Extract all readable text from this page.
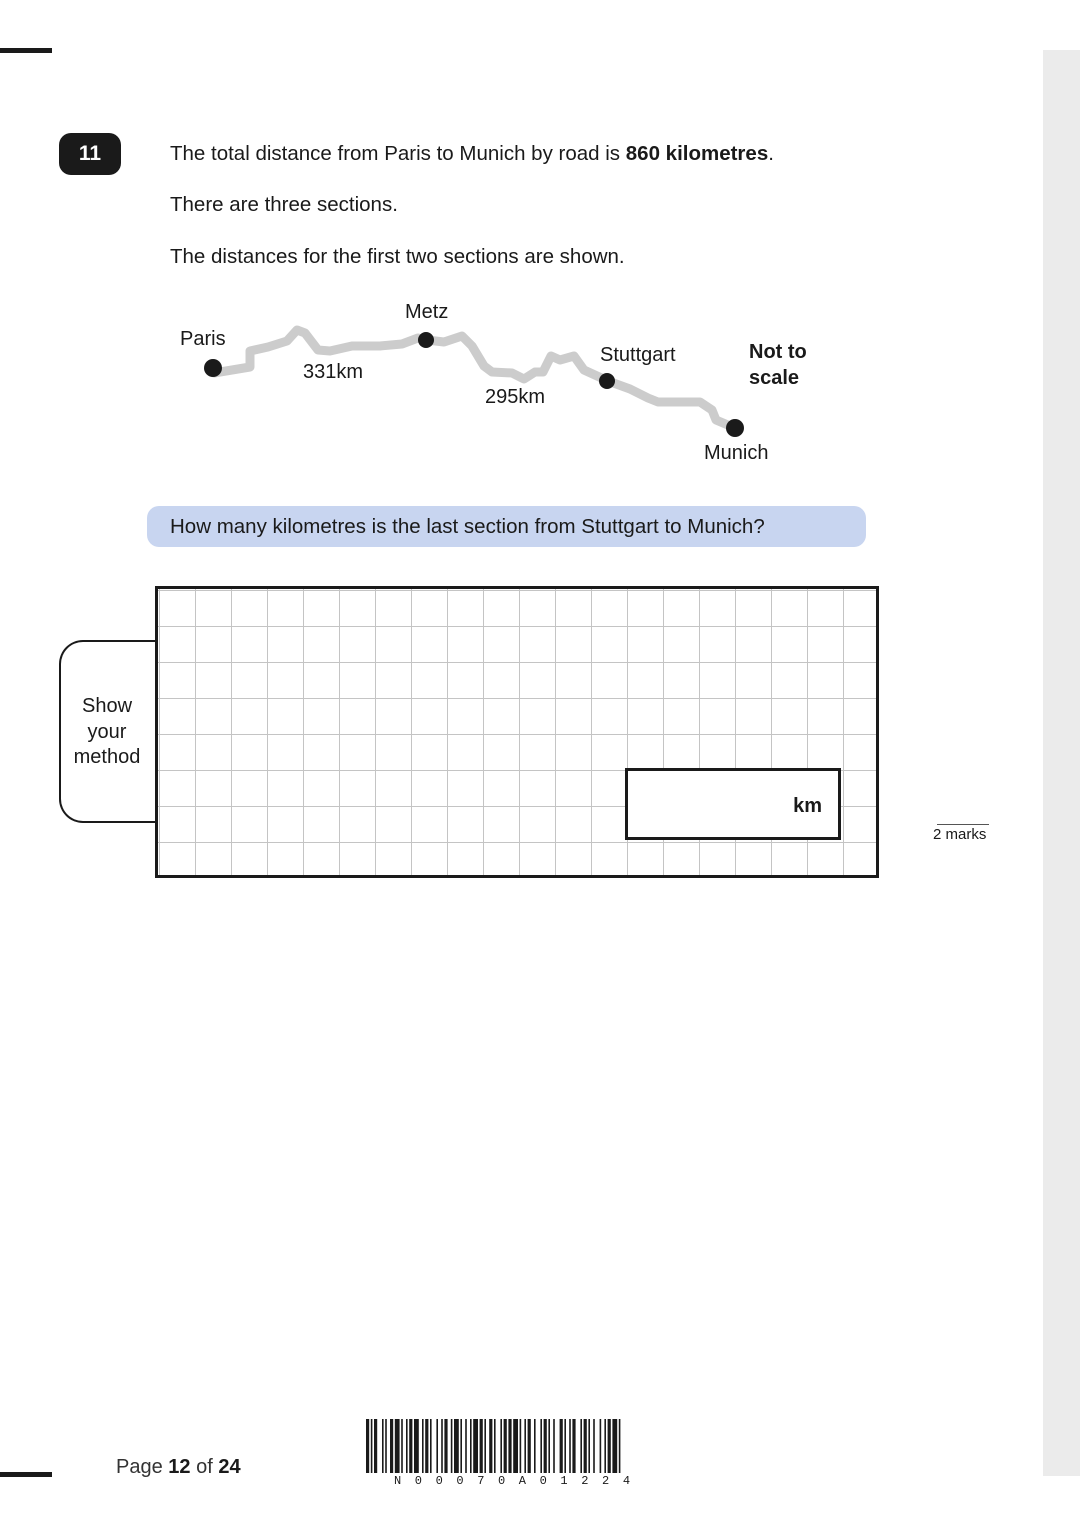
11	The total distance from Paris to Munich by road is 860 kilometres.
There are three sections.
The distances for the first two sections are shown.
Paris
Metz
Stuttgart
Munich
331km
295km
Not to
scale
How many kilometres is the last section from Stuttgart to Munich?
Show
your
method
km
2 marks
Page 12 of 24
N00070A01224
